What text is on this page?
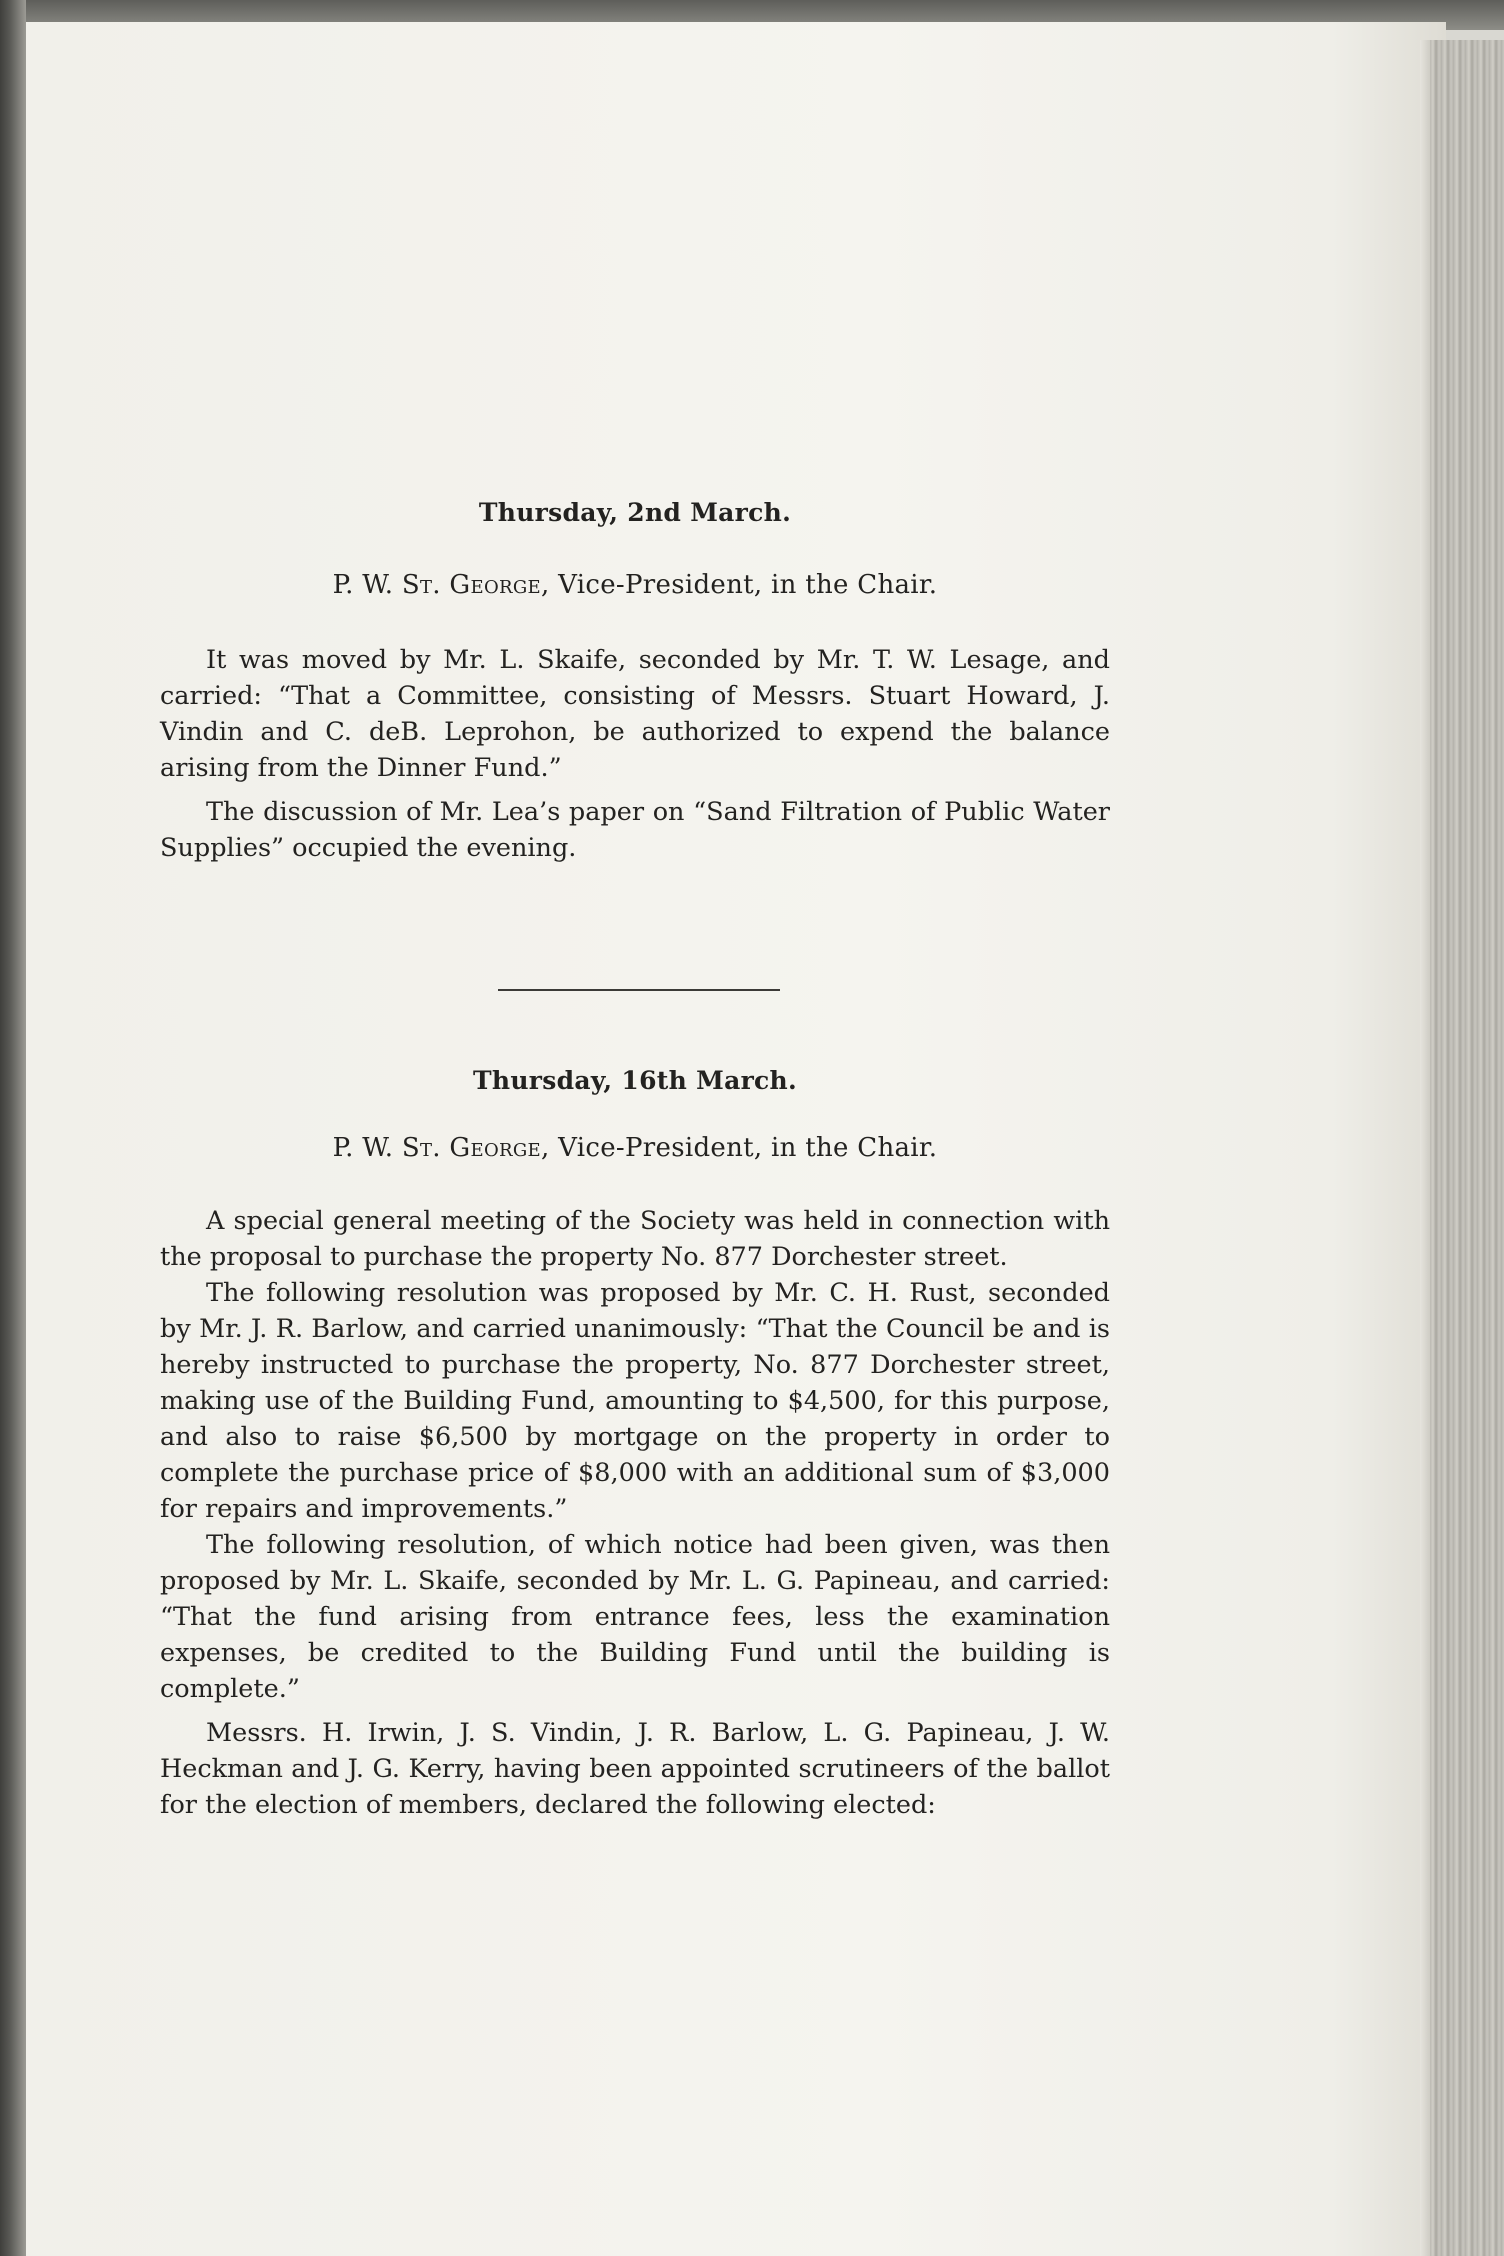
Thursday, 2nd March.

P. W. St. George, Vice-President, in the Chair.

It was moved by Mr. L. Skaife, seconded by Mr. T. W. Lesage, and carried: “That a Committee, consisting of Messrs. Stuart Howard, J. Vindin and C. deB. Leprohon, be authorized to expend the balance arising from the Dinner Fund.”

The discussion of Mr. Lea’s paper on “Sand Filtration of Public Water Supplies” occupied the evening.

Thursday, 16th March.

P. W. St. George, Vice-President, in the Chair.

A special general meeting of the Society was held in connection with the proposal to purchase the property No. 877 Dorchester street.

The following resolution was proposed by Mr. C. H. Rust, seconded by Mr. J. R. Barlow, and carried unanimously: “That the Council be and is hereby instructed to purchase the property, No. 877 Dorchester street, making use of the Building Fund, amounting to $4,500, for this purpose, and also to raise $6,500 by mortgage on the property in order to complete the purchase price of $8,000 with an additional sum of $3,000 for repairs and improvements.”

The following resolution, of which notice had been given, was then proposed by Mr. L. Skaife, seconded by Mr. L. G. Papineau, and carried: “That the fund arising from entrance fees, less the examination expenses, be credited to the Building Fund until the building is complete.”

Messrs. H. Irwin, J. S. Vindin, J. R. Barlow, L. G. Papineau, J. W. Heckman and J. G. Kerry, having been appointed scrutineers of the ballot for the election of members, declared the following elected:
